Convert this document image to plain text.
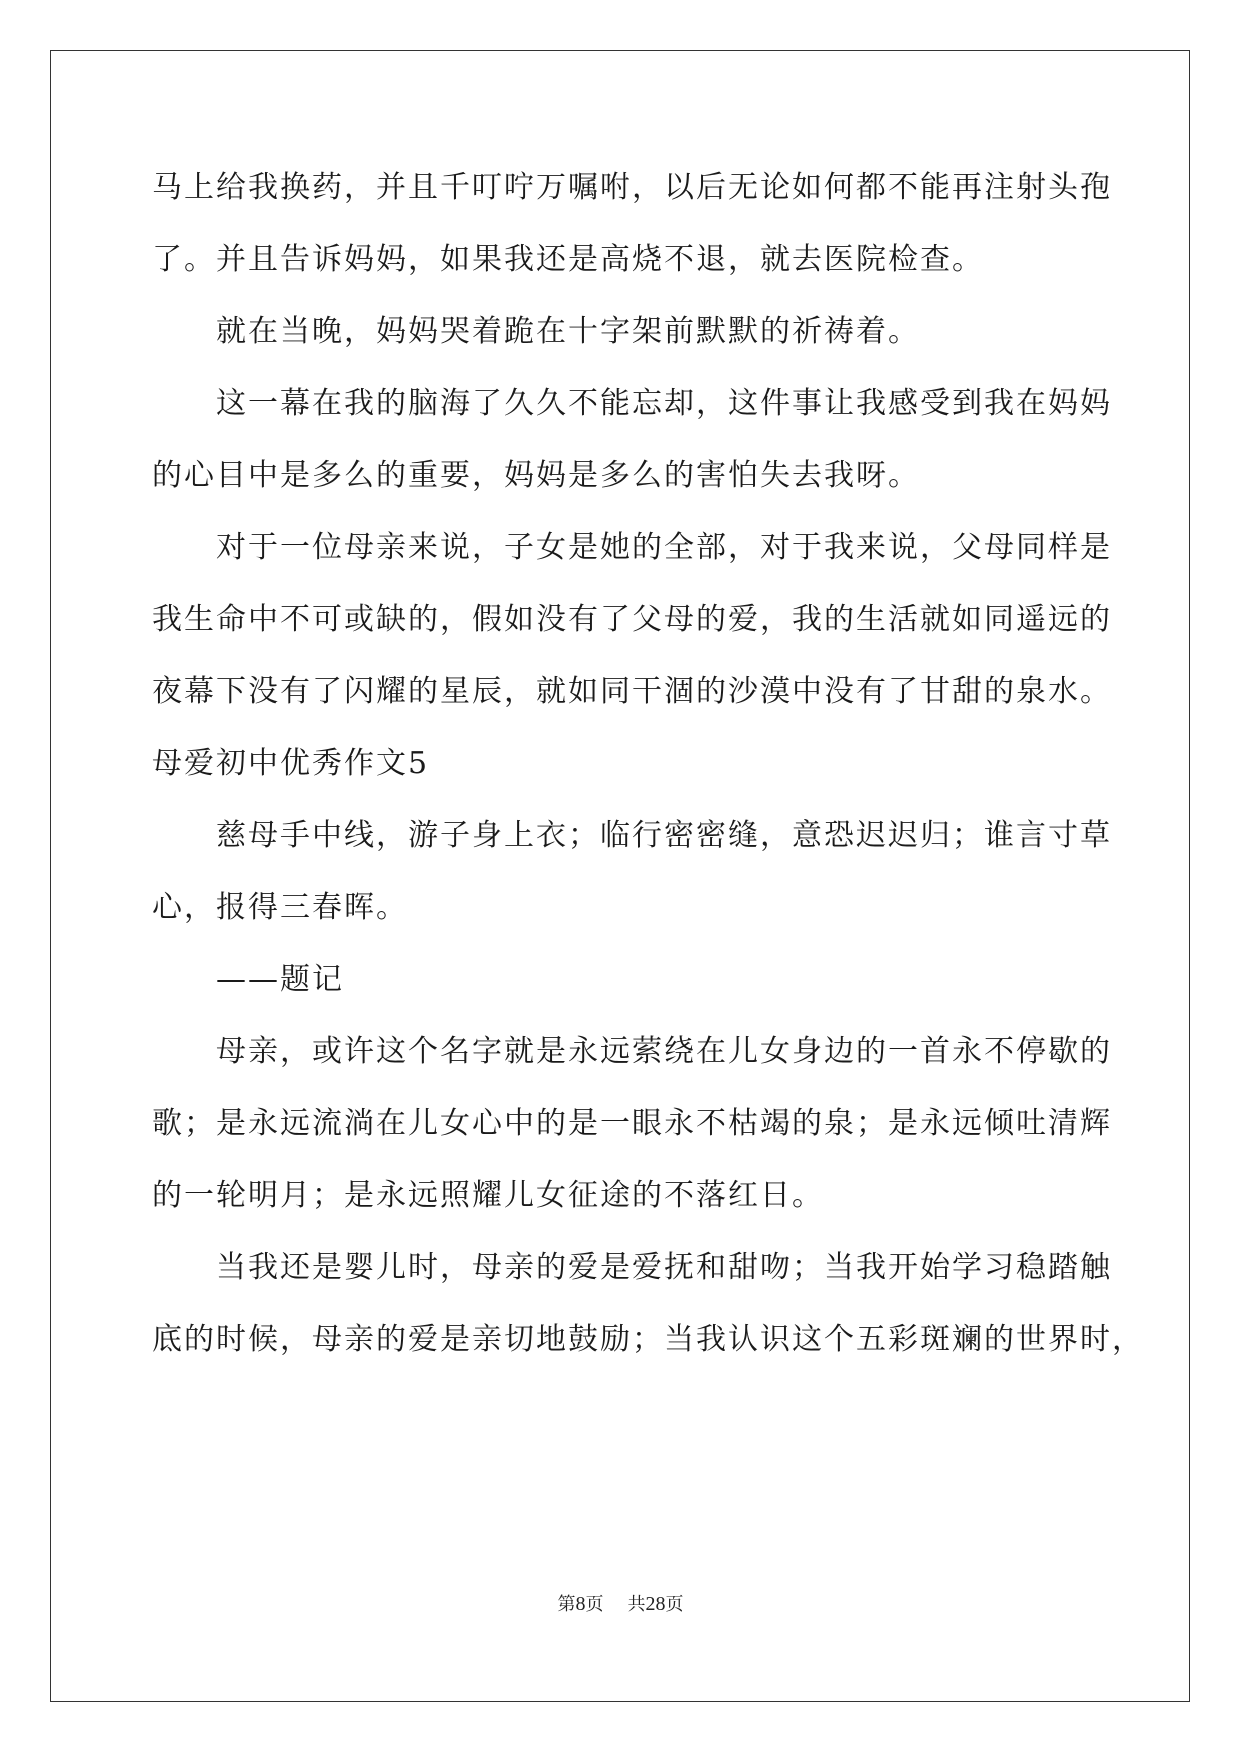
马上给我换药，并且千叮咛万嘱咐，以后无论如何都不能再注射头孢
了。并且告诉妈妈，如果我还是高烧不退，就去医院检查。
就在当晚，妈妈哭着跪在十字架前默默的祈祷着。
这一幕在我的脑海了久久不能忘却，这件事让我感受到我在妈妈
的心目中是多么的重要，妈妈是多么的害怕失去我呀。
对于一位母亲来说，子女是她的全部，对于我来说，父母同样是
我生命中不可或缺的，假如没有了父母的爱，我的生活就如同遥远的
夜幕下没有了闪耀的星辰，就如同干涸的沙漠中没有了甘甜的泉水。
母爱初中优秀作文5
慈母手中线，游子身上衣；临行密密缝，意恐迟迟归；谁言寸草
心，报得三春晖。
——题记
母亲，或许这个名字就是永远萦绕在儿女身边的一首永不停歇的
歌；是永远流淌在儿女心中的是一眼永不枯竭的泉；是永远倾吐清辉
的一轮明月；是永远照耀儿女征途的不落红日。
当我还是婴儿时，母亲的爱是爱抚和甜吻；当我开始学习稳踏触
底的时候，母亲的爱是亲切地鼓励；当我认识这个五彩斑斓的世界时，
第8页 共28页
